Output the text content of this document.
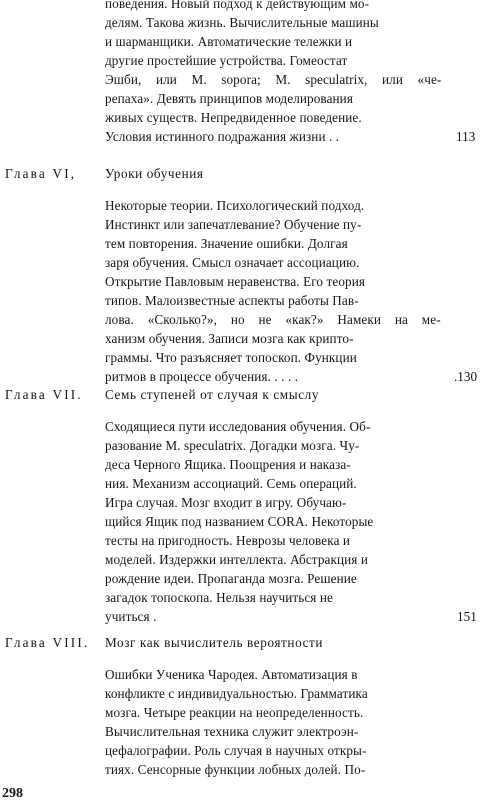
поведения. Новый подход к действующим мо-
делям. Такова жизнь. Вычислительные машины
и шарманщики. Автоматические тележки и
другие простейшие устройства. Гомеостат
Эшби, или M. sopora; M. speculatrix, или «че-
репаха». Девять принципов моделирования
живых существ. Непредвиденное поведение.
Условия истинного подражания жизни . .	113
Глава VI, Уроки обучения
Некоторые теории. Психологический подход.
Инстинкт или запечатлевание? Обучение пу-
тем повторения. Значение ошибки. Долгая
заря обучения. Смысл означает ассоциацию.
Открытие Павловым неравенства. Его теория
типов. Малоизвестные аспекты работы Пав-
лова. «Сколько?», но не «как?» Намеки на ме-
ханизм обучения. Записи мозга как крипто-
граммы. Что разъясняет топоскоп. Функции
ритмов в процессе обучения. . . . .	.130
Глава VII. Семь ступеней от случая к смыслу
Сходящиеся пути исследования обучения. Об-
разование M. speculatrix. Догадки мозга. Чу-
деса Черного Ящика. Поощрения и наказа-
ния. Механизм ассоциаций. Семь операций.
Игра случая. Мозг входит в игру. Обучаю-
щийся Ящик под названием CORA. Некоторые
тесты на пригодность. Неврозы человека и
моделей. Издержки интеллекта. Абстракция и
рождение идеи. Пропаганда мозга. Решение
загадок топоскопа. Нельзя научиться не
учиться .	151
Глава VIII. Мозг как вычислитель вероятности
Ошибки Ученика Чародея. Автоматизация в
конфликте с индивидуальностью. Грамматика
мозга. Четыре реакции на неопределенность.
Вычислительная техника служит электроэн-
цефалографии. Роль случая в научных откры-
тиях. Сенсорные функции лобных долей. По-
298
